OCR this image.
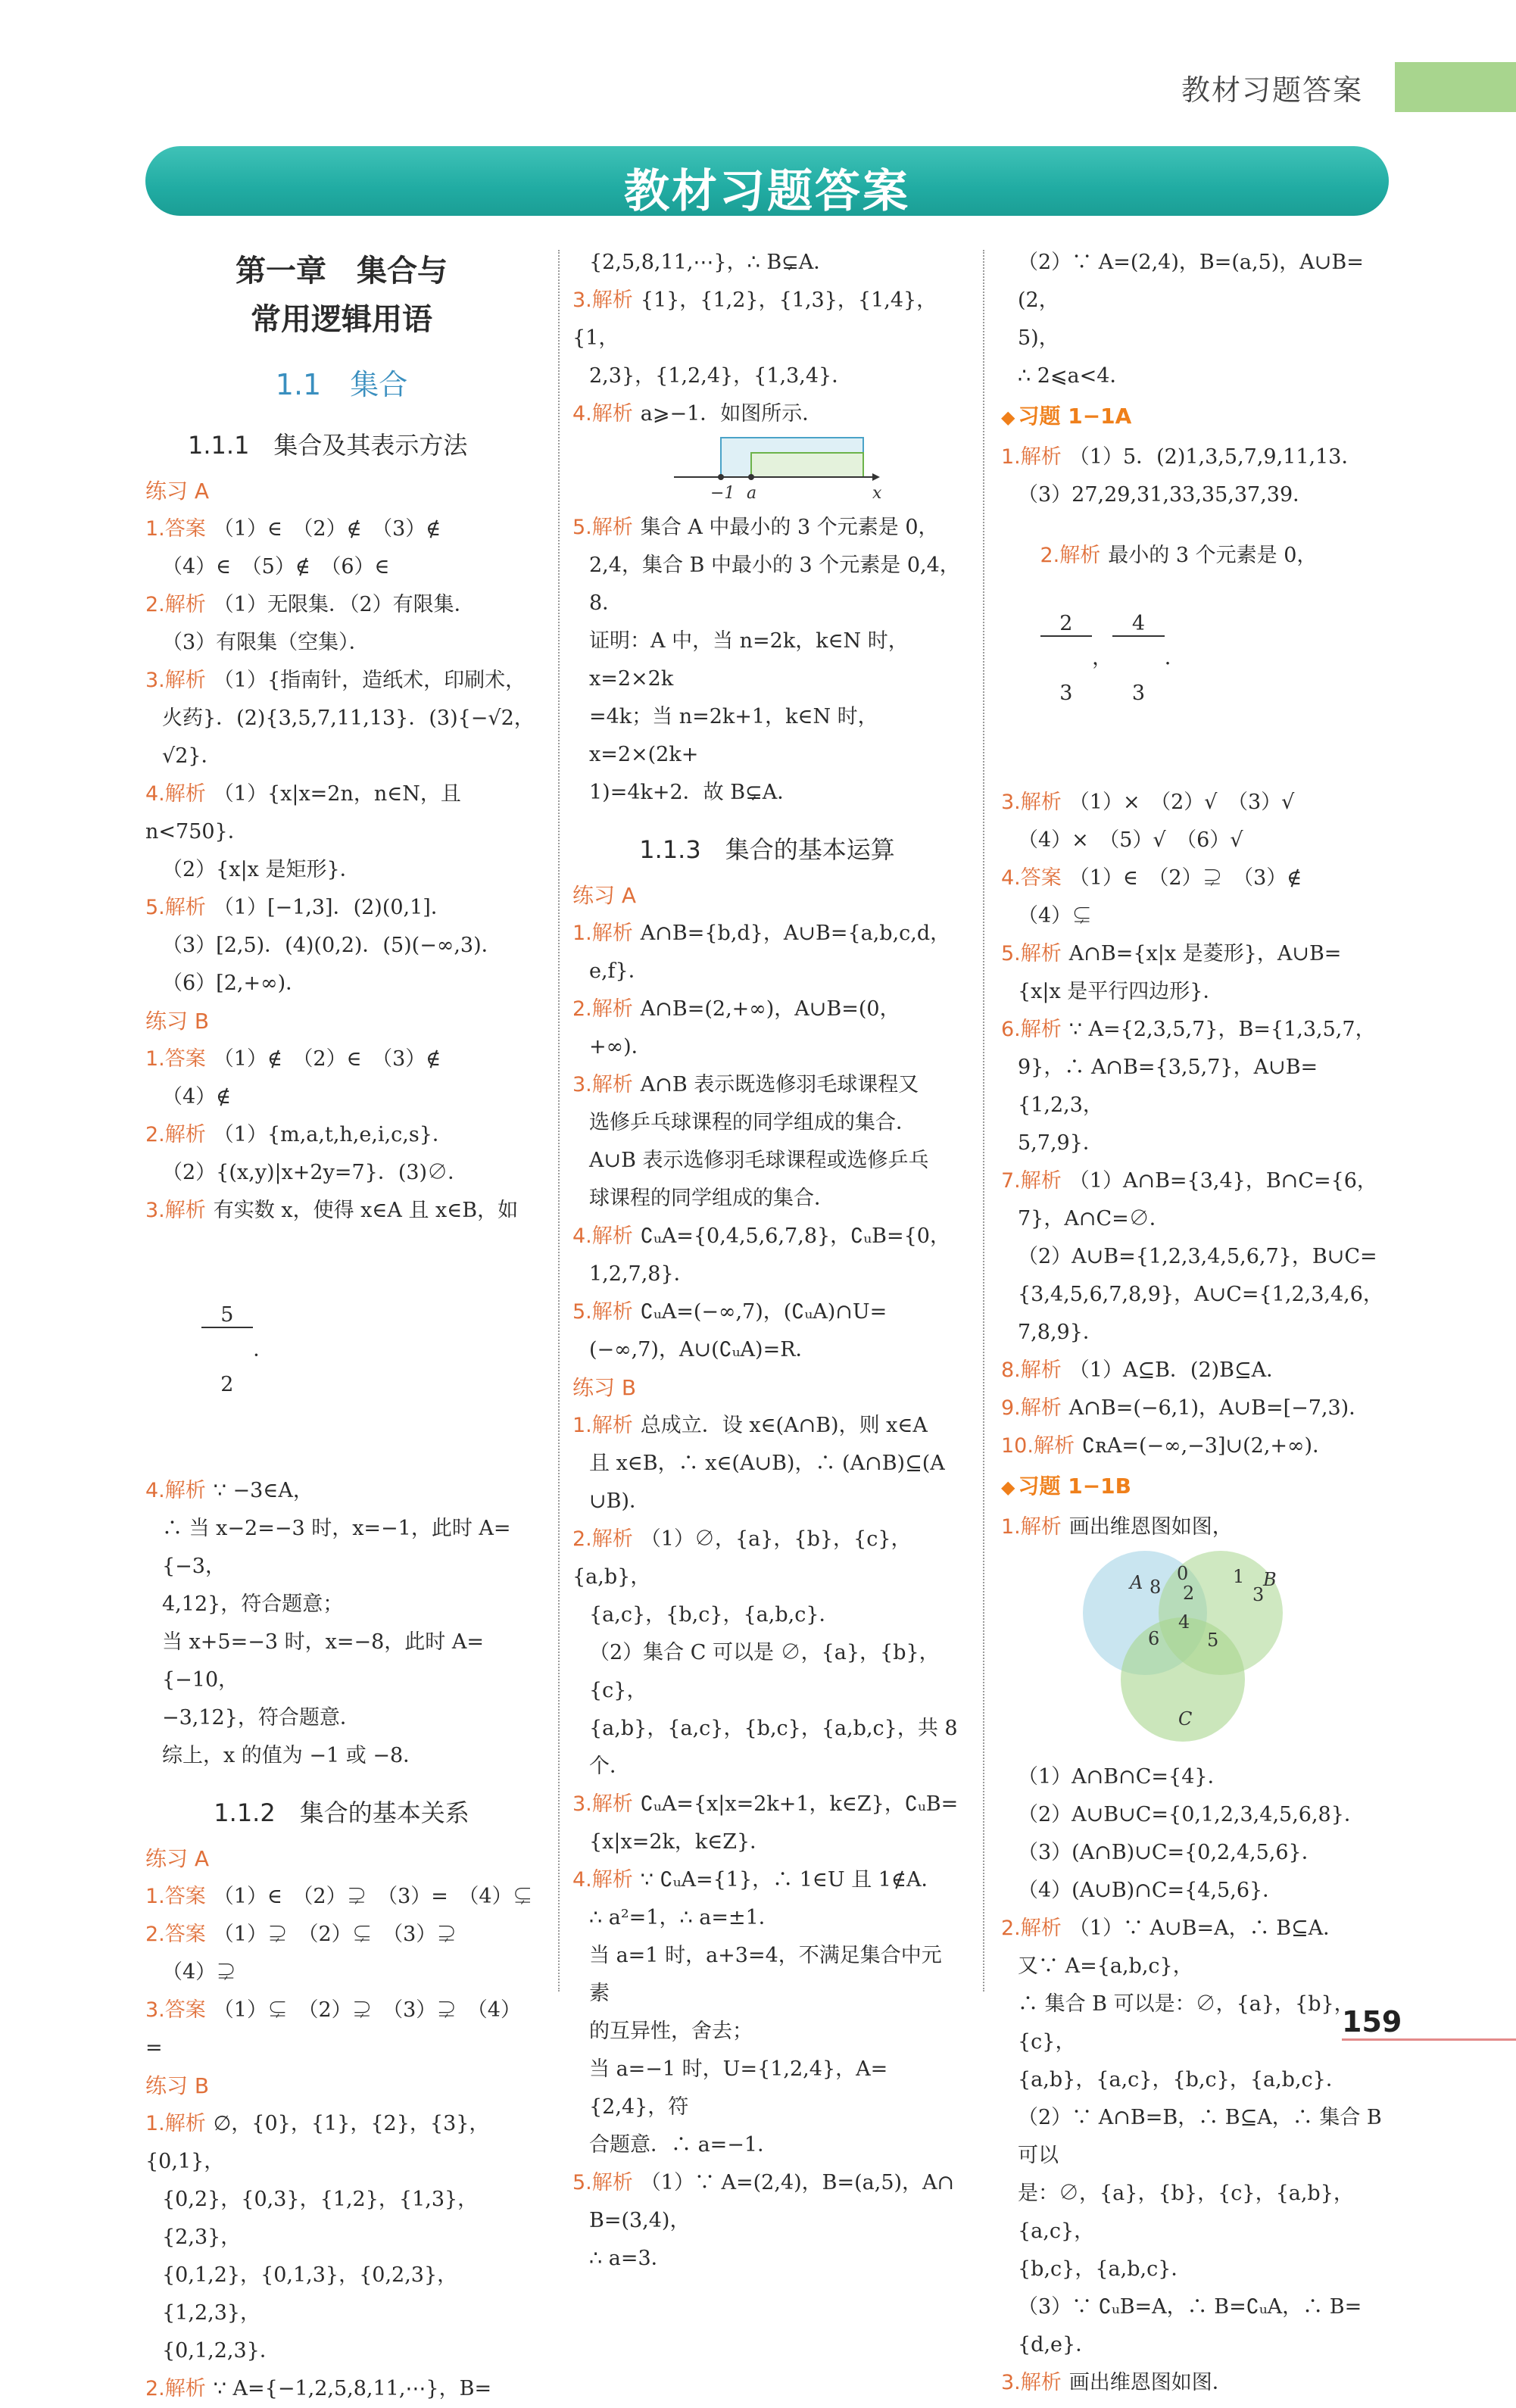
教材习题答案
教材习题答案
第一章　集合与
常用逻辑用语
1.1　集合
1.1.1　集合及其表示方法
练习 A
1.答案 （1）∈　（2）∉　（3）∉
（4）∈　（5）∉　（6）∈
2.解析 （1）无限集．（2）有限集．
（3）有限集（空集）．
3.解析 （1）{指南针，造纸术，印刷术，
火药}．(2){3,5,7,11,13}．(3){−√2，
√2}．
4.解析 （1）{x|x=2n，n∈N，且 n<750}．
（2）{x|x 是矩形}．
5.解析 （1）[−1,3]．(2)(0,1]．
（3）[2,5)．(4)(0,2)．(5)(−∞,3)．
（6）[2,+∞)．
练习 B
1.答案 （1）∉　（2）∈　（3）∉
（4）∉
2.解析 （1）{m,a,t,h,e,i,c,s}．
（2）{(x,y)|x+2y=7}．(3)∅．
3.解析 有实数 x，使得 x∈A 且 x∈B，如

$\frac{5}{2}$ .

4.解析 ∵ −3∈A，
∴ 当 x−2=−3 时，x=−1，此时 A={−3，
4,12}，符合题意；
当 x+5=−3 时，x=−8，此时 A={−10，
−3,12}，符合题意．
综上，x 的值为 −1 或 −8．
1.1.2　集合的基本关系
练习 A
1.答案 （1）∈　（2）⊋　（3）=　（4）⊊
2.答案 （1）⊋　（2）⊊　（3）⊋
（4）⊋
3.答案 （1）⊊　（2）⊋　（3）⊋　（4）=
练习 B
1.解析 ∅，{0}，{1}，{2}，{3}，{0,1}，
{0,2}，{0,3}，{1,2}，{1,3}，{2,3}，
{0,1,2}，{0,1,3}，{0,2,3}，{1,2,3}，
{0,1,2,3}．
2.解析 ∵ A={−1,2,5,8,11,⋯}，B=
{2,5,8,11,⋯}，∴ B⊊A．
3.解析 {1}，{1,2}，{1,3}，{1,4}，{1，
2,3}，{1,2,4}，{1,3,4}．
4.解析 a⩾−1．如图所示．
−1 a	x
5.解析 集合 A 中最小的 3 个元素是 0，
2,4，集合 B 中最小的 3 个元素是 0,4，
8．
证明：A 中，当 n=2k，k∈N 时，x=2×2k
=4k；当 n=2k+1，k∈N 时，x=2×(2k+
1)=4k+2．故 B⊊A．
1.1.3　集合的基本运算
练习 A
1.解析 A∩B={b,d}，A∪B={a,b,c,d，
e,f}．
2.解析 A∩B=(2,+∞)，A∪B=(0，
+∞)．
3.解析 A∩B 表示既选修羽毛球课程又
选修乒乓球课程的同学组成的集合．
A∪B 表示选修羽毛球课程或选修乒乓
球课程的同学组成的集合．
4.解析 ∁ᵤA={0,4,5,6,7,8}，∁ᵤB={0，
1,2,7,8}．
5.解析 ∁ᵤA=(−∞,7)，(∁ᵤA)∩U=
(−∞,7)，A∪(∁ᵤA)=R．
练习 B
1.解析 总成立．设 x∈(A∩B)，则 x∈A
且 x∈B，∴ x∈(A∪B)，∴ (A∩B)⊆(A
∪B)．
2.解析 （1）∅，{a}，{b}，{c}，{a,b}，
{a,c}，{b,c}，{a,b,c}．
（2）集合 C 可以是 ∅，{a}，{b}，{c}，
{a,b}，{a,c}，{b,c}，{a,b,c}，共 8 个．
3.解析 ∁ᵤA={x|x=2k+1，k∈Z}，∁ᵤB=
{x|x=2k，k∈Z}．
4.解析 ∵ ∁ᵤA={1}，∴ 1∈U 且 1∉A．
∴ a²=1，∴ a=±1．
当 a=1 时，a+3=4，不满足集合中元素
的互异性，舍去；
当 a=−1 时，U={1,2,4}，A={2,4}，符
合题意．∴ a=−1．
5.解析 （1）∵ A=(2,4)，B=(a,5)，A∩
B=(3,4)，
∴ a=3．
（2）∵ A=(2,4)，B=(a,5)，A∪B=(2，
5)，
∴ 2⩽a<4．
◆ 习题 1−1A
1.解析 （1）5．(2)1,3,5,7,9,11,13．
（3）27,29,31,33,35,37,39．

2.解析 最小的 3 个元素是 0，

$\frac{2}{3}$ ，
$\frac{4}{3}$ ．

3.解析 （1）×　（2）√　（3）√
（4）×　（5）√　（6）√
4.答案 （1）∈　（2）⊋　（3）∉
（4）⊊
5.解析 A∩B={x|x 是菱形}，A∪B=
{x|x 是平行四边形}．
6.解析 ∵ A={2,3,5,7}，B={1,3,5,7，
9}，∴ A∩B={3,5,7}，A∪B={1,2,3，
5,7,9}．
7.解析 （1）A∩B={3,4}，B∩C={6，
7}，A∩C=∅．
（2）A∪B={1,2,3,4,5,6,7}，B∪C=
{3,4,5,6,7,8,9}，A∪C={1,2,3,4,6，
7,8,9}．
8.解析 （1）A⊆B．(2)B⊆A．
9.解析 A∩B=(−6,1)，A∪B=[−7,3)．
10.解析 ∁ʀA=(−∞,−3]∪(2,+∞)．
◆ 习题 1−1B
1.解析 画出维恩图如图，
A	B
C
8
0 1
2	3
4
6	5
（1）A∩B∩C={4}．
（2）A∪B∪C={0,1,2,3,4,5,6,8}．
（3）(A∩B)∪C={0,2,4,5,6}．
（4）(A∪B)∩C={4,5,6}．
2.解析 （1）∵ A∪B=A，∴ B⊆A．
又∵ A={a,b,c}，
∴ 集合 B 可以是：∅，{a}，{b}，{c}，
{a,b}，{a,c}，{b,c}，{a,b,c}．
（2）∵ A∩B=B，∴ B⊆A，∴ 集合 B 可以
是：∅，{a}，{b}，{c}，{a,b}，{a,c}，
{b,c}，{a,b,c}．
（3）∵ ∁ᵤB=A，∴ B=∁ᵤA，∴ B={d,e}．
3.解析 画出维恩图如图．
159
